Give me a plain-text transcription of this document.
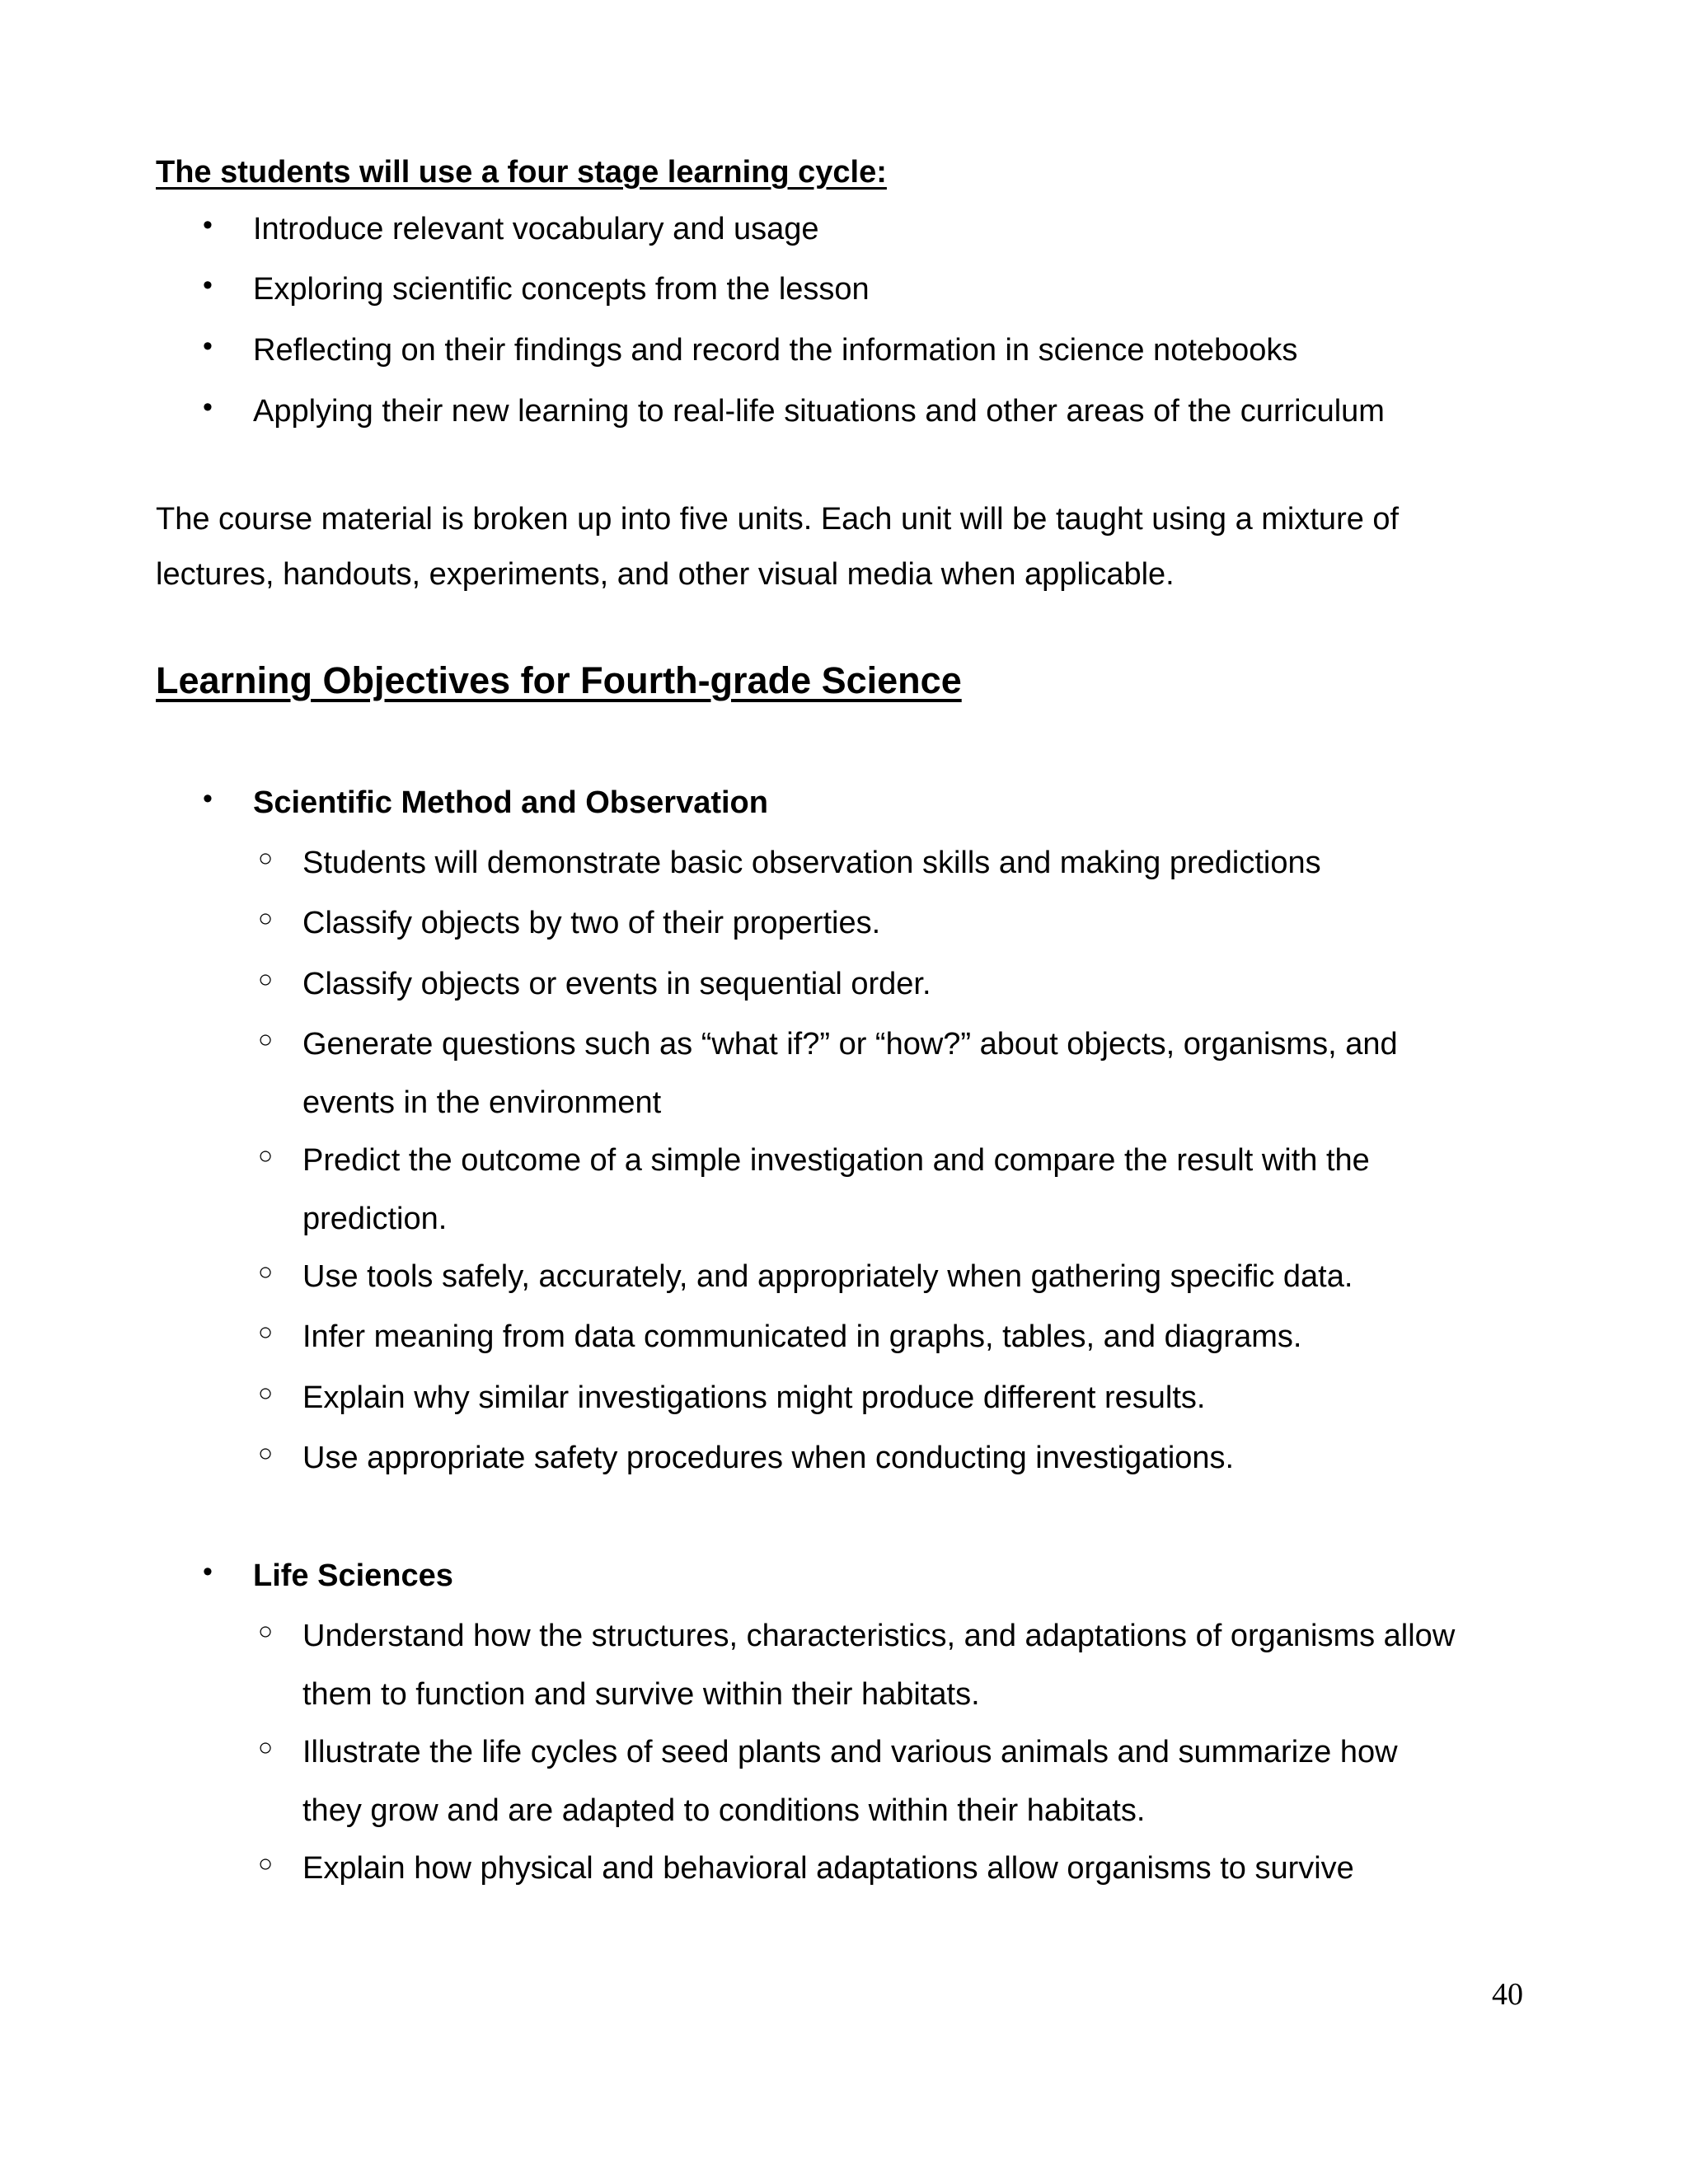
The students will use a four stage learning cycle:
• Introduce relevant vocabulary and usage
• Exploring scientific concepts from the lesson
• Reflecting on their findings and record the information in science notebooks
• Applying their new learning to real-life situations and other areas of the curriculum
The course material is broken up into five units. Each unit will be taught using a mixture of
lectures, handouts, experiments, and other visual media when applicable.
Learning Objectives for Fourth-grade Science
• Scientific Method and Observation
○ Students will demonstrate basic observation skills and making predictions
○ Classify objects by two of their properties.
○ Classify objects or events in sequential order.
○ Generate questions such as “what if?” or “how?” about objects, organisms, and
events in the environment
○ Predict the outcome of a simple investigation and compare the result with the
prediction.
○ Use tools safely, accurately, and appropriately when gathering specific data.
○ Infer meaning from data communicated in graphs, tables, and diagrams.
○ Explain why similar investigations might produce different results.
○ Use appropriate safety procedures when conducting investigations.
• Life Sciences
○ Understand how the structures, characteristics, and adaptations of organisms allow
them to function and survive within their habitats.
○ Illustrate the life cycles of seed plants and various animals and summarize how
they grow and are adapted to conditions within their habitats.
○ Explain how physical and behavioral adaptations allow organisms to survive
40
